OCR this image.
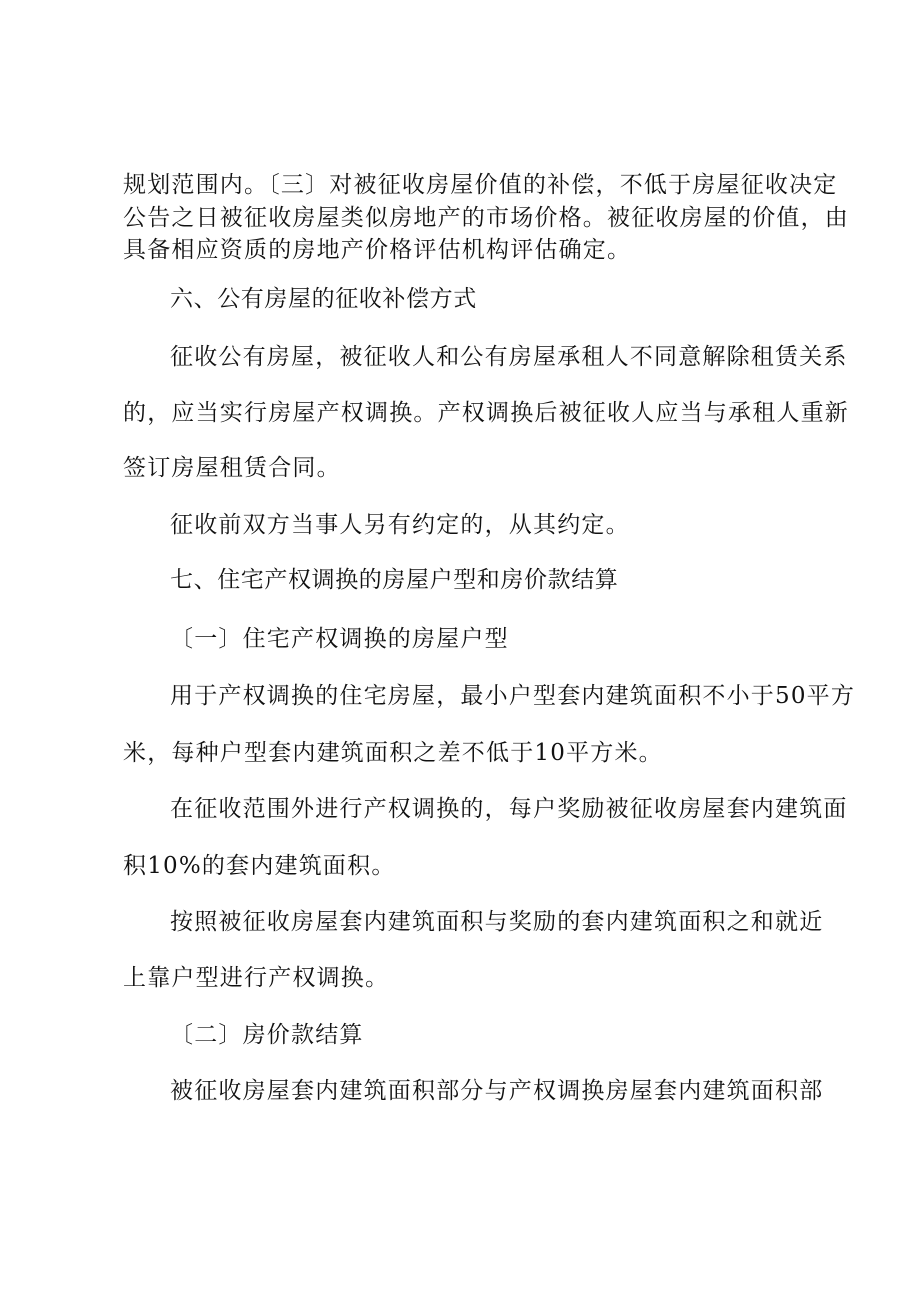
规划范围内。〔三〕对被征收房屋价值的补偿，不低于房屋征收决定
公告之日被征收房屋类似房地产的市场价格。被征收房屋的价值，由
具备相应资质的房地产价格评估机构评估确定。
六、公有房屋的征收补偿方式
征收公有房屋，被征收人和公有房屋承租人不同意解除租赁关系
的，应当实行房屋产权调换。产权调换后被征收人应当与承租人重新
签订房屋租赁合同。
征收前双方当事人另有约定的，从其约定。
七、住宅产权调换的房屋户型和房价款结算
〔一〕住宅产权调换的房屋户型
用于产权调换的住宅房屋，最小户型套内建筑面积不小于50平方
米，每种户型套内建筑面积之差不低于10平方米。
在征收范围外进行产权调换的，每户奖励被征收房屋套内建筑面
积10%的套内建筑面积。
按照被征收房屋套内建筑面积与奖励的套内建筑面积之和就近
上靠户型进行产权调换。
〔二〕房价款结算
被征收房屋套内建筑面积部分与产权调换房屋套内建筑面积部
